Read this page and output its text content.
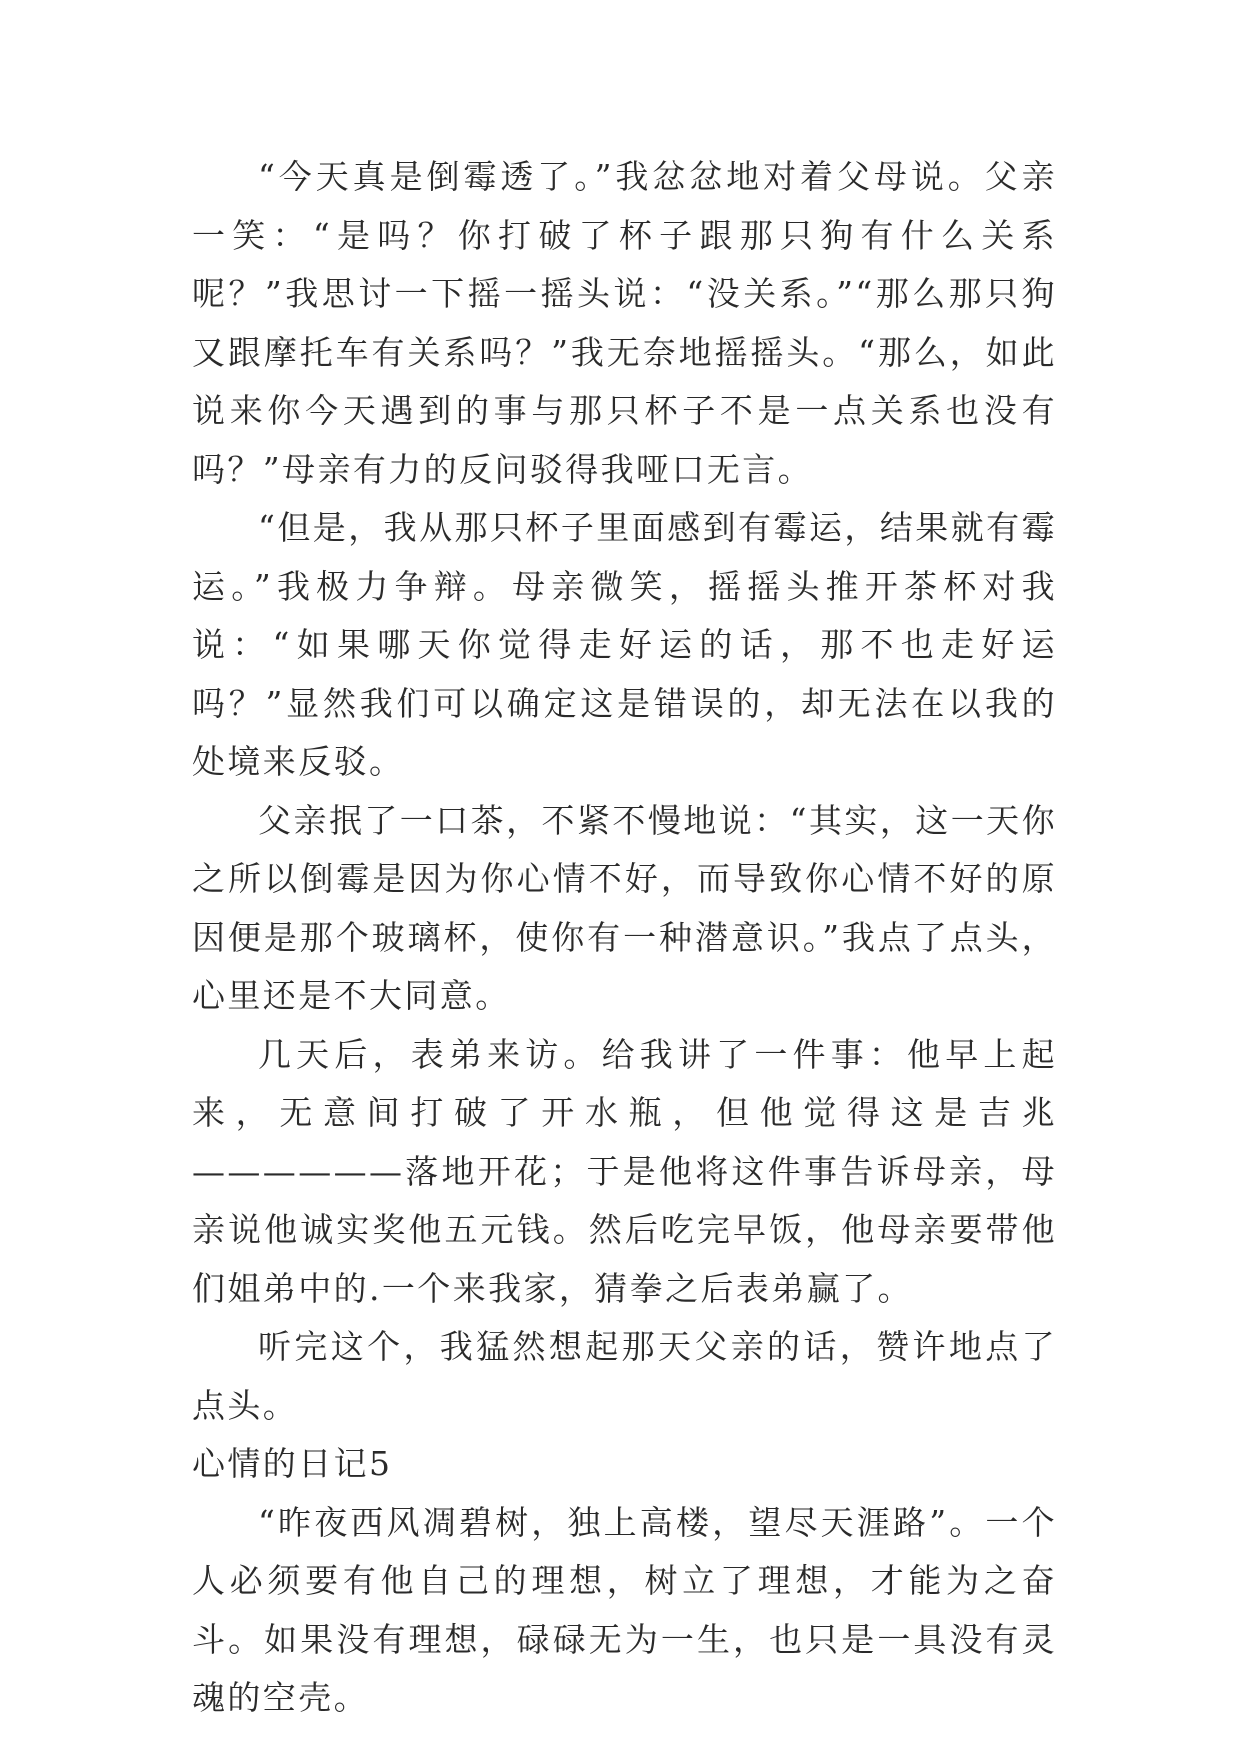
“今天真是倒霉透了。”我忿忿地对着父母说。父亲一笑：“是吗？你打破了杯子跟那只狗有什么关系呢？”我思讨一下摇一摇头说：“没关系。”“那么那只狗又跟摩托车有关系吗？”我无奈地摇摇头。“那么，如此说来你今天遇到的事与那只杯子不是一点关系也没有吗？”母亲有力的反问驳得我哑口无言。

“但是，我从那只杯子里面感到有霉运，结果就有霉运。”我极力争辩。母亲微笑，摇摇头推开茶杯对我说：“如果哪天你觉得走好运的话，那不也走好运吗？”显然我们可以确定这是错误的，却无法在以我的处境来反驳。

父亲抿了一口茶，不紧不慢地说：“其实，这一天你之所以倒霉是因为你心情不好，而导致你心情不好的原因便是那个玻璃杯，使你有一种潜意识。”我点了点头，心里还是不大同意。

几天后，表弟来访。给我讲了一件事：他早上起来，无意间打破了开水瓶，但他觉得这是吉兆——————落地开花；于是他将这件事告诉母亲，母亲说他诚实奖他五元钱。然后吃完早饭，他母亲要带他们姐弟中的.一个来我家，猜拳之后表弟赢了。

听完这个，我猛然想起那天父亲的话，赞许地点了点头。

心情的日记5

“昨夜西风凋碧树，独上高楼，望尽天涯路”。一个人必须要有他自己的理想，树立了理想，才能为之奋斗。如果没有理想，碌碌无为一生，也只是一具没有灵魂的空壳。
